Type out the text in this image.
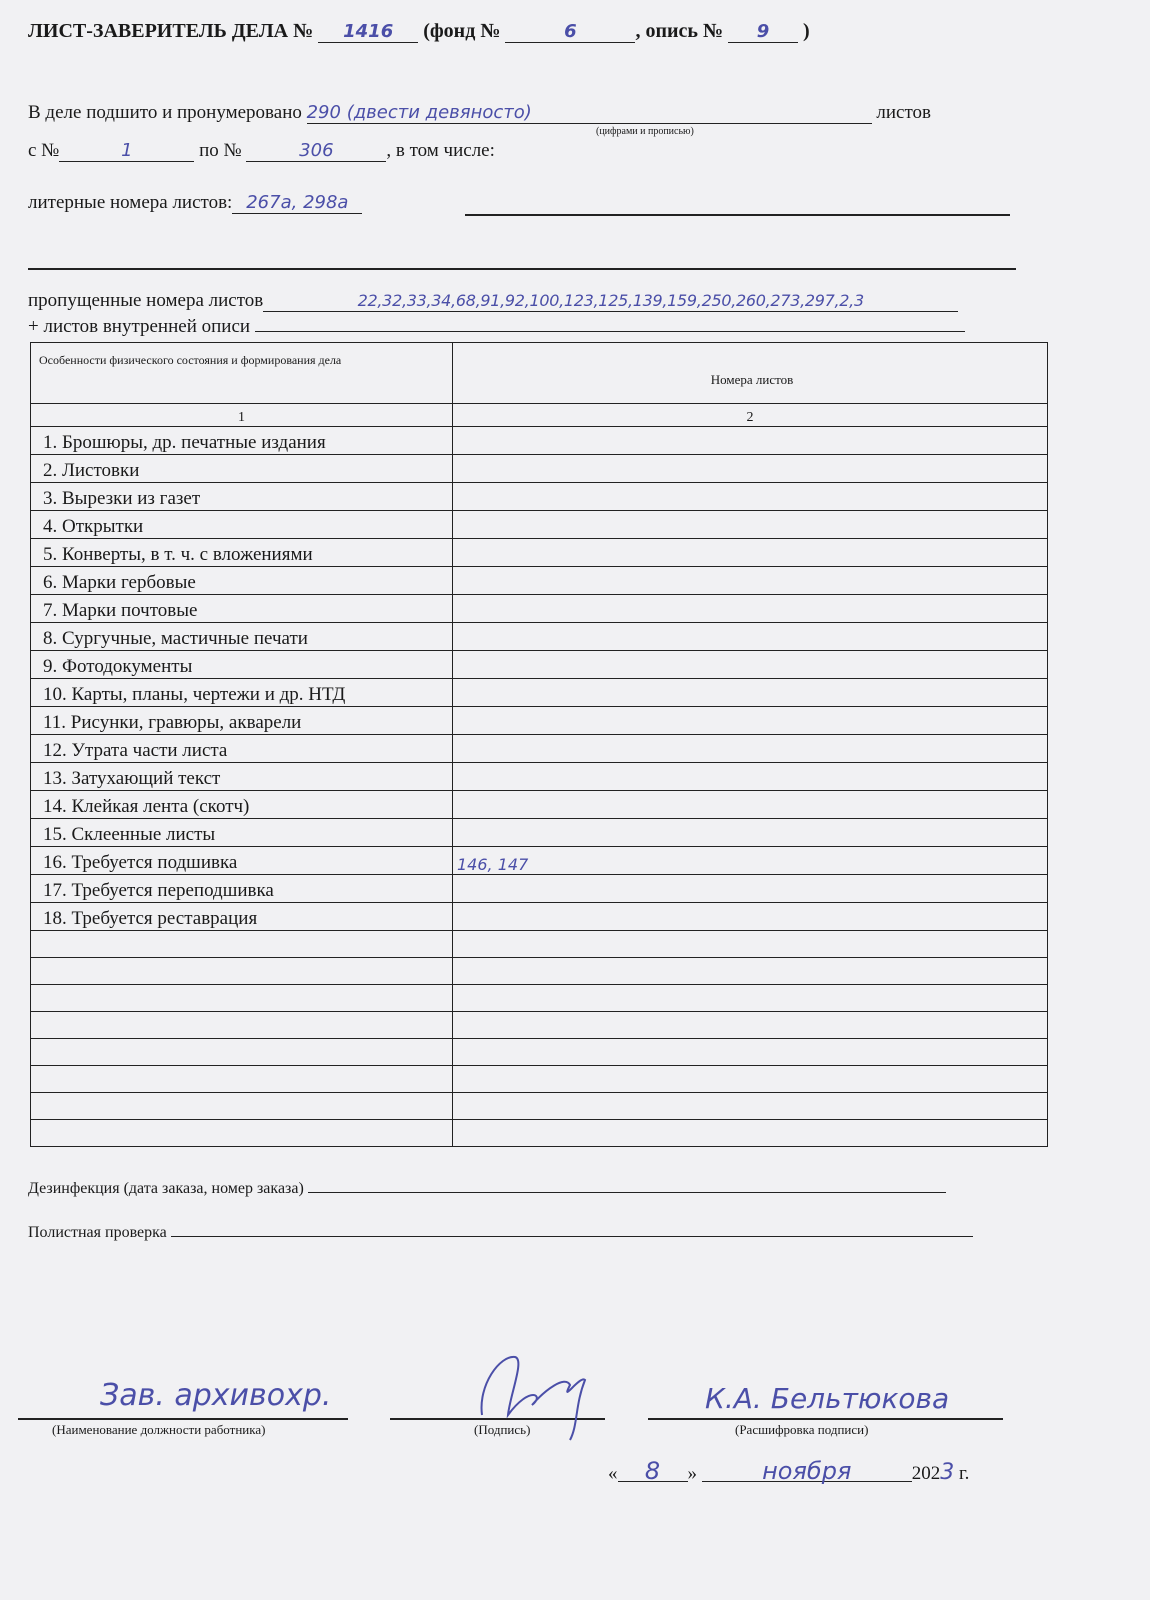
ЛИСТ-ЗАВЕРИТЕЛЬ ДЕЛА № 1416 (фонд №	6	, опись № 9 )
В деле подшито и пронумеровано 290 (двести девяносто)	листов
(цифрами и прописью)
с №	1	по №	306	, в том числе:
литерные номера листов: 267а, 298а
пропущенные номера листов	22,32,33,34,68,91,92,100,123,125,139,159,250,260,273,297,2,3
+ листов внутренней описи
Особенности физического состояния и формирования дела	Номера листов
1	2
1. Брошюры, др. печатные издания	
2. Листовки	
3. Вырезки из газет	
4. Открытки	
5. Конверты, в т. ч. с вложениями	
6. Марки гербовые	
7. Марки почтовые	
8. Сургучные, мастичные печати	
9. Фотодокументы	
10. Карты, планы, чертежи и др. НТД	
11. Рисунки, гравюры, акварели	
12. Утрата части листа	
13. Затухающий текст	
14. Клейкая лента (скотч)	
15. Склеенные листы	
16. Требуется подшивка	146, 147
17. Требуется переподшивка	
18. Требуется реставрация	

Дезинфекция (дата заказа, номер заказа)
Полистная проверка
Зав. архивохр.
(Наименование должности работника)	(Подпись)
К.А. Бельтюкова
(Расшифровка подписи)
« 8 »	ноября	2023 г.
